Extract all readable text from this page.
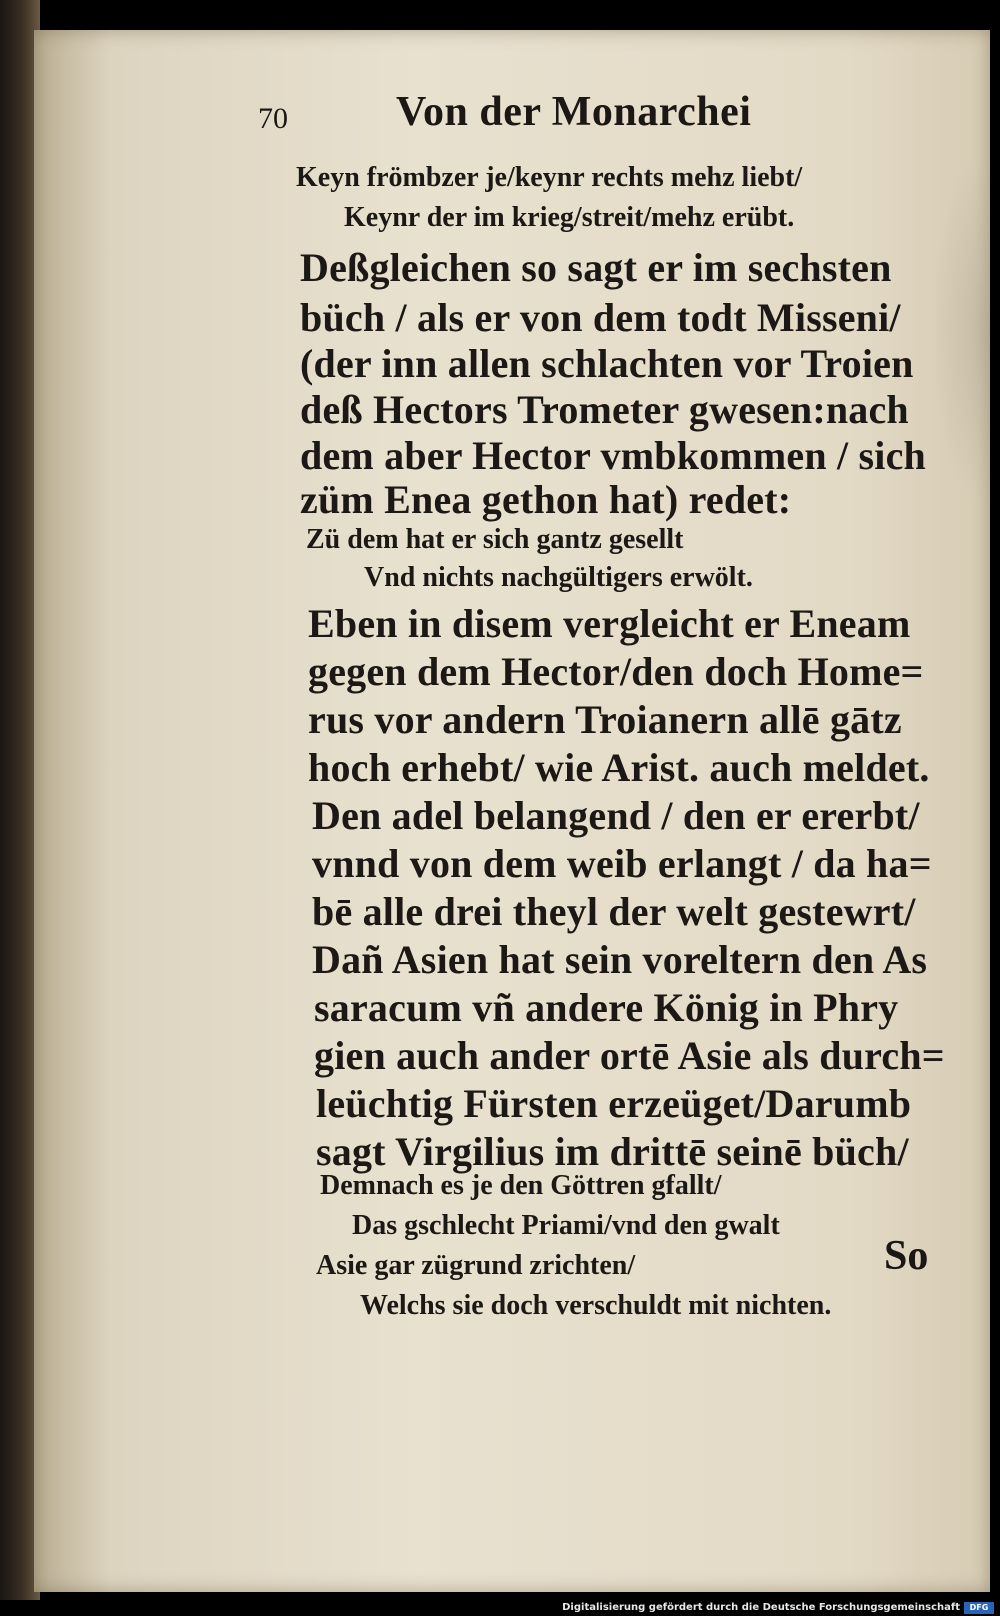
70	Von der Monarchei
Keyn frömbzer je/keynr rechts mehz liebt/
Keynr der im krieg/streit/mehz erübt.
Deßgleichen so sagt er im sechsten
büch / als er von dem todt Misseni/
(der inn allen schlachten vor Troien
deß Hectors Trometer gwesen:nach
dem aber Hector vmbkommen / sich
züm Enea gethon hat) redet:
Zü dem hat er sich gantz gesellt
Vnd nichts nachgültigers erwölt.
Eben in disem vergleicht er Eneam
gegen dem Hector/den doch Home=
rus vor andern Troianern allē gātz
hoch erhebt/ wie Arist. auch meldet.
Den adel belangend / den er ererbt/
vnnd von dem weib erlangt / da ha=
bē alle drei theyl der welt gestewrt/
Dañ Asien hat sein voreltern den As
saracum vñ andere König in Phry
gien auch ander ortē Asie als durch=
leüchtig Fürsten erzeüget/Darumb
sagt Virgilius im drittē seinē büch/
Demnach es je den Göttren gfallt/
Das gschlecht Priami/vnd den gwalt
Asie gar zügrund zrichten/
Welchs sie doch verschuldt mit nichten.
So
Digitalisierung gefördert durch die Deutsche Forschungsgemeinschaft	DFG
